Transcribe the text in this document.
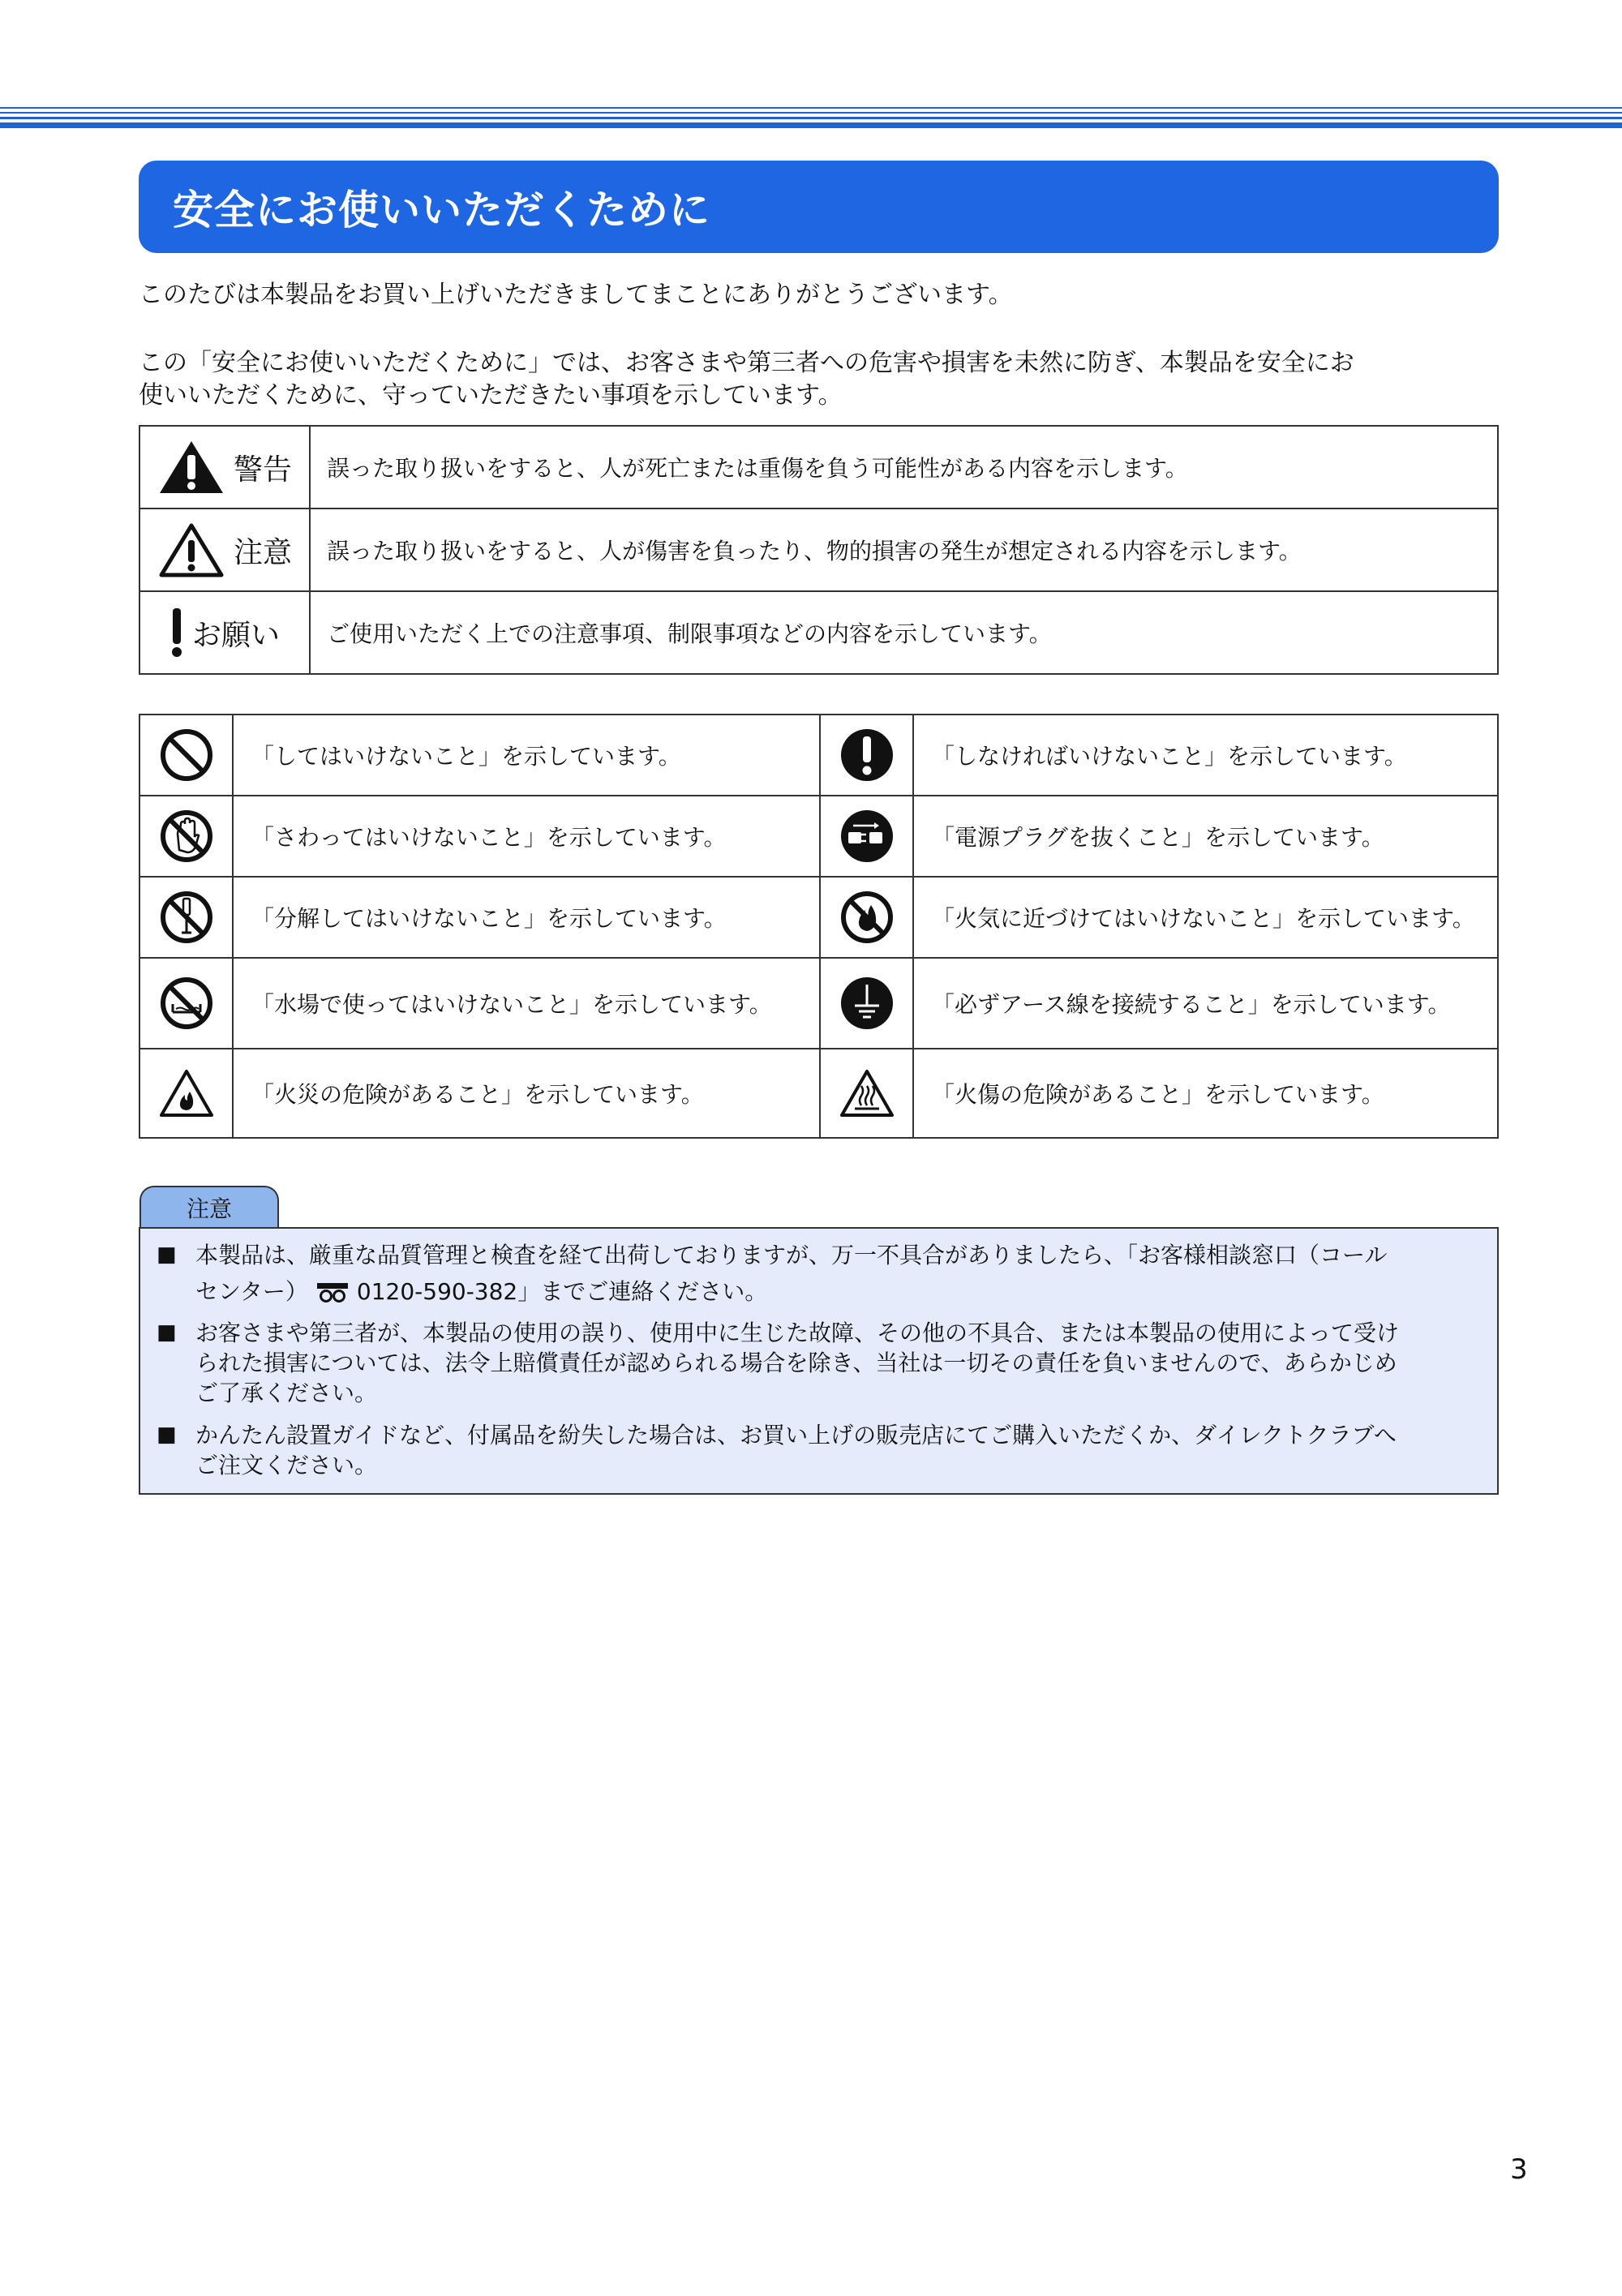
安全にお使いいただくために

このたびは本製品をお買い上げいただきましてまことにありがとうございます。

この「安全にお使いいただくために」では、お客さまや第三者への危害や損害を未然に防ぎ、本製品を安全にお

使いいただくために、守っていただきたい事項を示しています。

警告	誤った取り扱いをすると、人が死亡または重傷を負う可能性がある内容を示します。

注意	誤った取り扱いをすると、人が傷害を負ったり、物的損害の発生が想定される内容を示します。

お願い	ご使用いただく上での注意事項、制限事項などの内容を示しています。
	「してはいけないこと」を示しています。		「しなければいけないこと」を示しています。

	「さわってはいけないこと」を示しています。		「電源プラグを抜くこと」を示しています。

	「分解してはいけないこと」を示しています。		「火気に近づけてはいけないこと」を示しています。

	「水場で使ってはいけないこと」を示しています。		「必ずアース線を接続すること」を示しています。

	「火災の危険があること」を示しています。		「火傷の危険があること」を示しています。
注意
■ 本製品は、厳重な品質管理と検査を経て出荷しておりますが、万一不具合がありましたら、「お客様相談窓口（コール
センター） 0120-590-382」までご連絡ください。
■ お客さまや第三者が、本製品の使用の誤り、使用中に生じた故障、その他の不具合、または本製品の使用によって受け
られた損害については、法令上賠償責任が認められる場合を除き、当社は一切その責任を負いませんので、あらかじめ
ご了承ください。
■ かんたん設置ガイドなど、付属品を紛失した場合は、お買い上げの販売店にてご購入いただくか、ダイレクトクラブへ
ご注文ください。
3
